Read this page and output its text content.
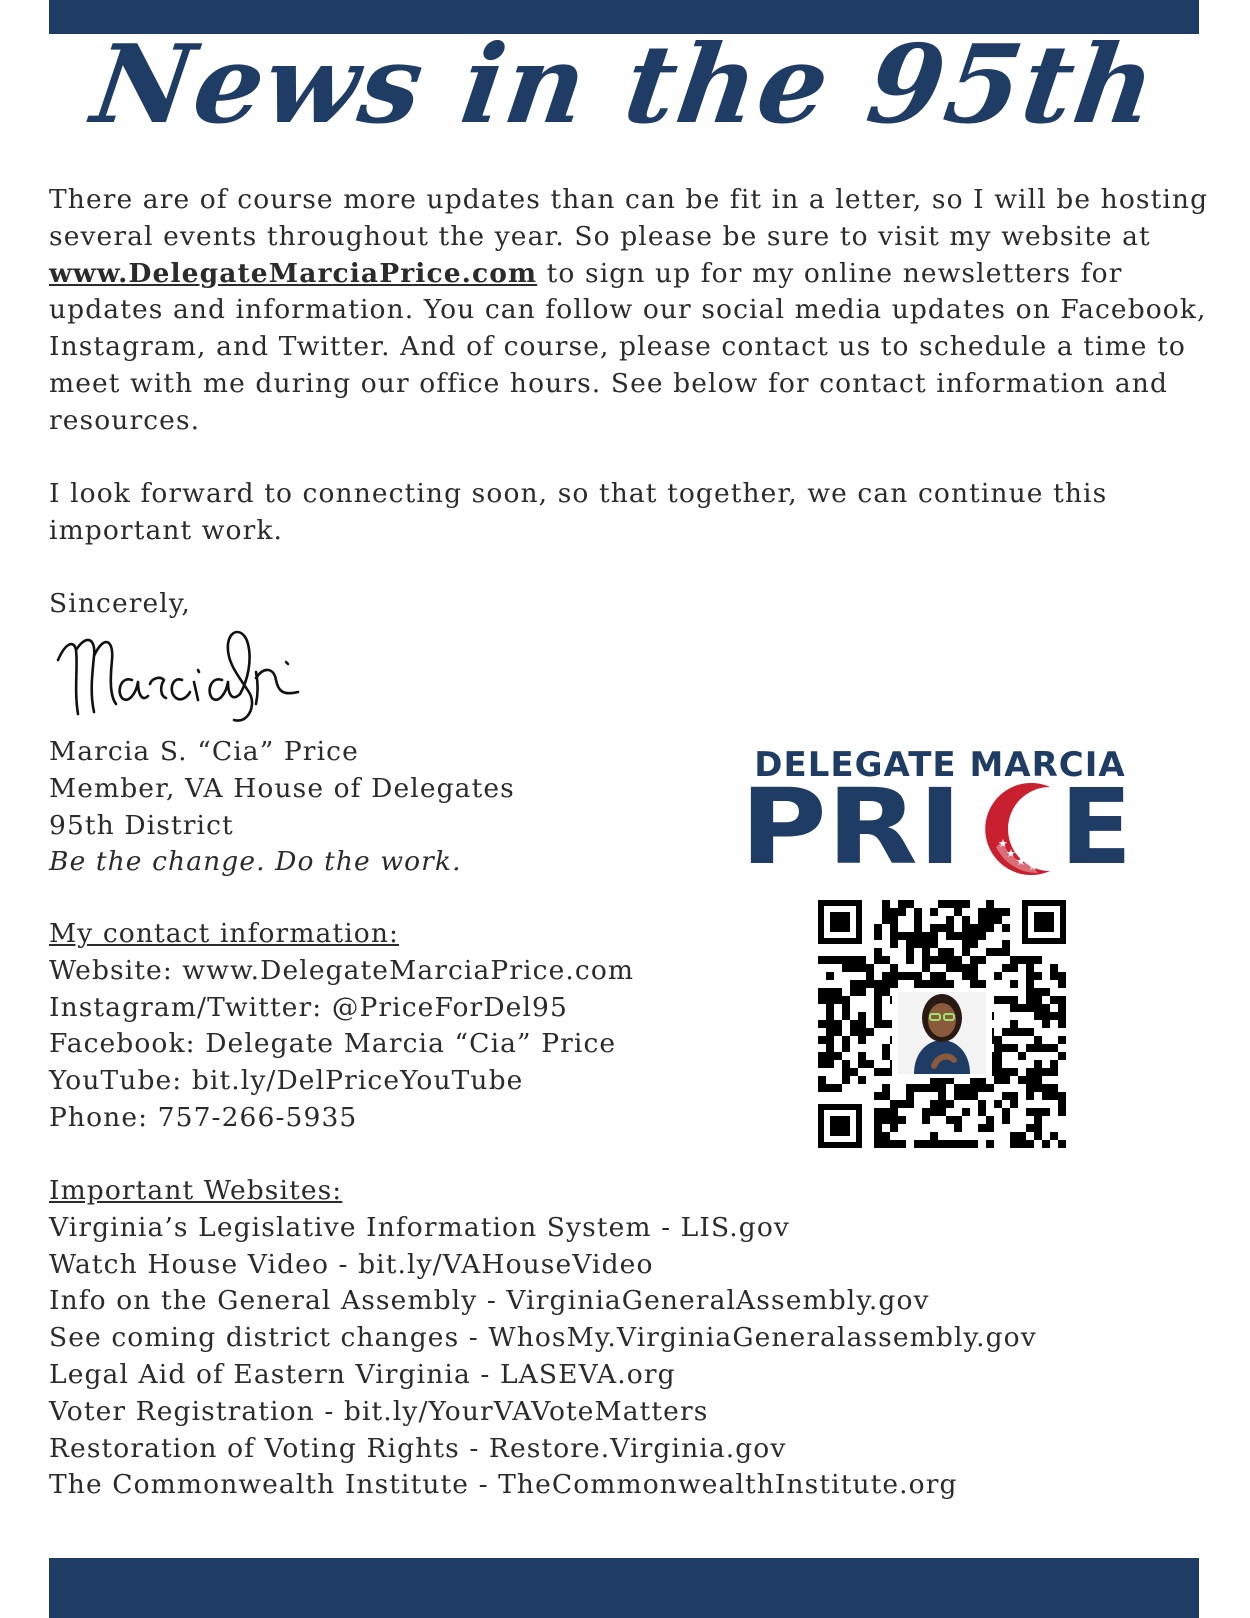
News in the 95th
There are of course more updates than can be fit in a letter, so I will be hosting several events throughout the year. So please be sure to visit my website at www.DelegateMarciaPrice.com to sign up for my online newsletters for updates and information. You can follow our social media updates on Facebook, Instagram, and Twitter. And of course, please contact us to schedule a time to meet with me during our office hours. See below for contact information and resources.
I look forward to connecting soon, so that together, we can continue this important work.
Sincerely,
Marcia S. “Cia” Price
Member, VA House of Delegates
95th District
Be the change. Do the work.
My contact information:
Website: www.DelegateMarciaPrice.com
Instagram/Twitter: @PriceForDel95
Facebook: Delegate Marcia “Cia” Price
YouTube: bit.ly/DelPriceYouTube
Phone: 757-266-5935
Important Websites:
Virginia’s Legislative Information System - LIS.gov
Watch House Video - bit.ly/VAHouseVideo
Info on the General Assembly - VirginiaGeneralAssembly.gov
See coming district changes - WhosMy.VirginiaGeneralassembly.gov
Legal Aid of Eastern Virginia - LASEVA.org
Voter Registration - bit.ly/YourVAVoteMatters
Restoration of Voting Rights - Restore.Virginia.gov
The Commonwealth Institute - TheCommonwealthInstitute.org
DELEGATE MARCIA
PRI	★
★
★ ★ E
